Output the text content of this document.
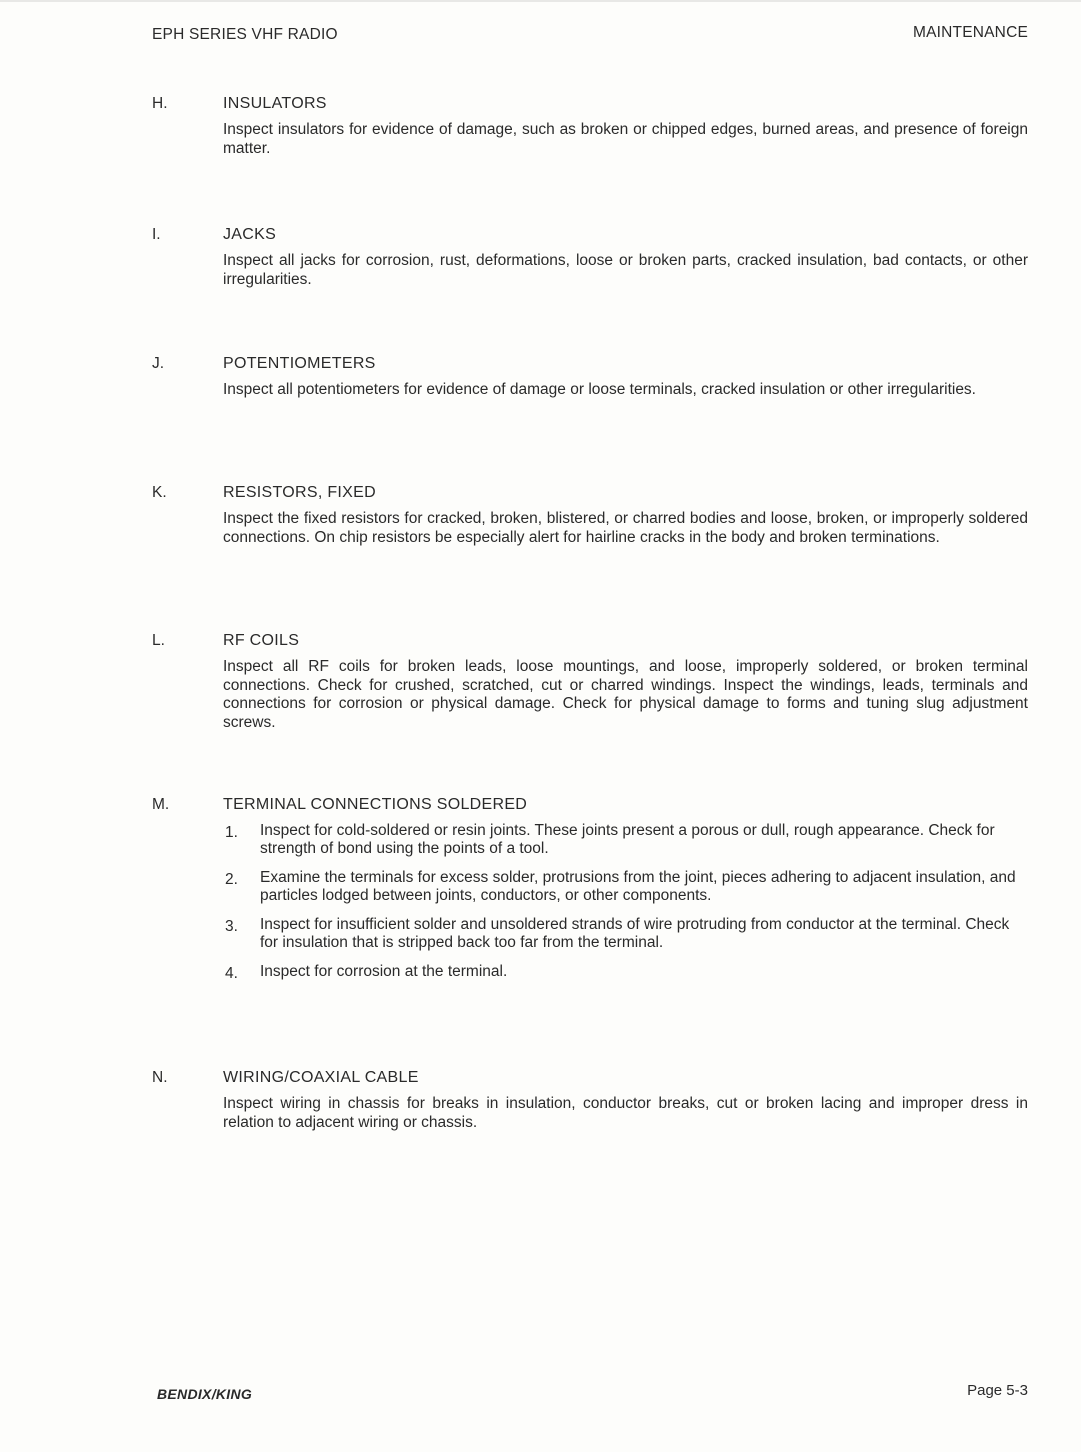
EPH SERIES VHF RADIO	MAINTENANCE
H.	INSULATORS
Inspect insulators for evidence of damage, such as broken or chipped edges, burned areas, and presence of foreign matter.
I.	JACKS
Inspect all jacks for corrosion, rust, deformations, loose or broken parts, cracked insulation, bad contacts, or other irregularities.
J.	POTENTIOMETERS
Inspect all potentiometers for evidence of damage or loose terminals, cracked insulation or other irregularities.
K.	RESISTORS, FIXED
Inspect the fixed resistors for cracked, broken, blistered, or charred bodies and loose, broken, or improperly soldered connections. On chip resistors be especially alert for hairline cracks in the body and broken terminations.
L.	RF COILS
Inspect all RF coils for broken leads, loose mountings, and loose, improperly soldered, or broken terminal connections. Check for crushed, scratched, cut or charred windings. Inspect the windings, leads, terminals and connections for corrosion or physical damage. Check for physical damage to forms and tuning slug adjustment screws.
M.	TERMINAL CONNECTIONS SOLDERED
1. Inspect for cold-soldered or resin joints. These joints present a porous or dull, rough appearance. Check for strength of bond using the points of a tool.
2. Examine the terminals for excess solder, protrusions from the joint, pieces adhering to adjacent insulation, and particles lodged between joints, conductors, or other components.
3. Inspect for insufficient solder and unsoldered strands of wire protruding from conductor at the terminal. Check for insulation that is stripped back too far from the terminal.
4. Inspect for corrosion at the terminal.
N.	WIRING/COAXIAL CABLE
Inspect wiring in chassis for breaks in insulation, conductor breaks, cut or broken lacing and improper dress in relation to adjacent wiring or chassis.
BENDIX/KING	Page 5-3
